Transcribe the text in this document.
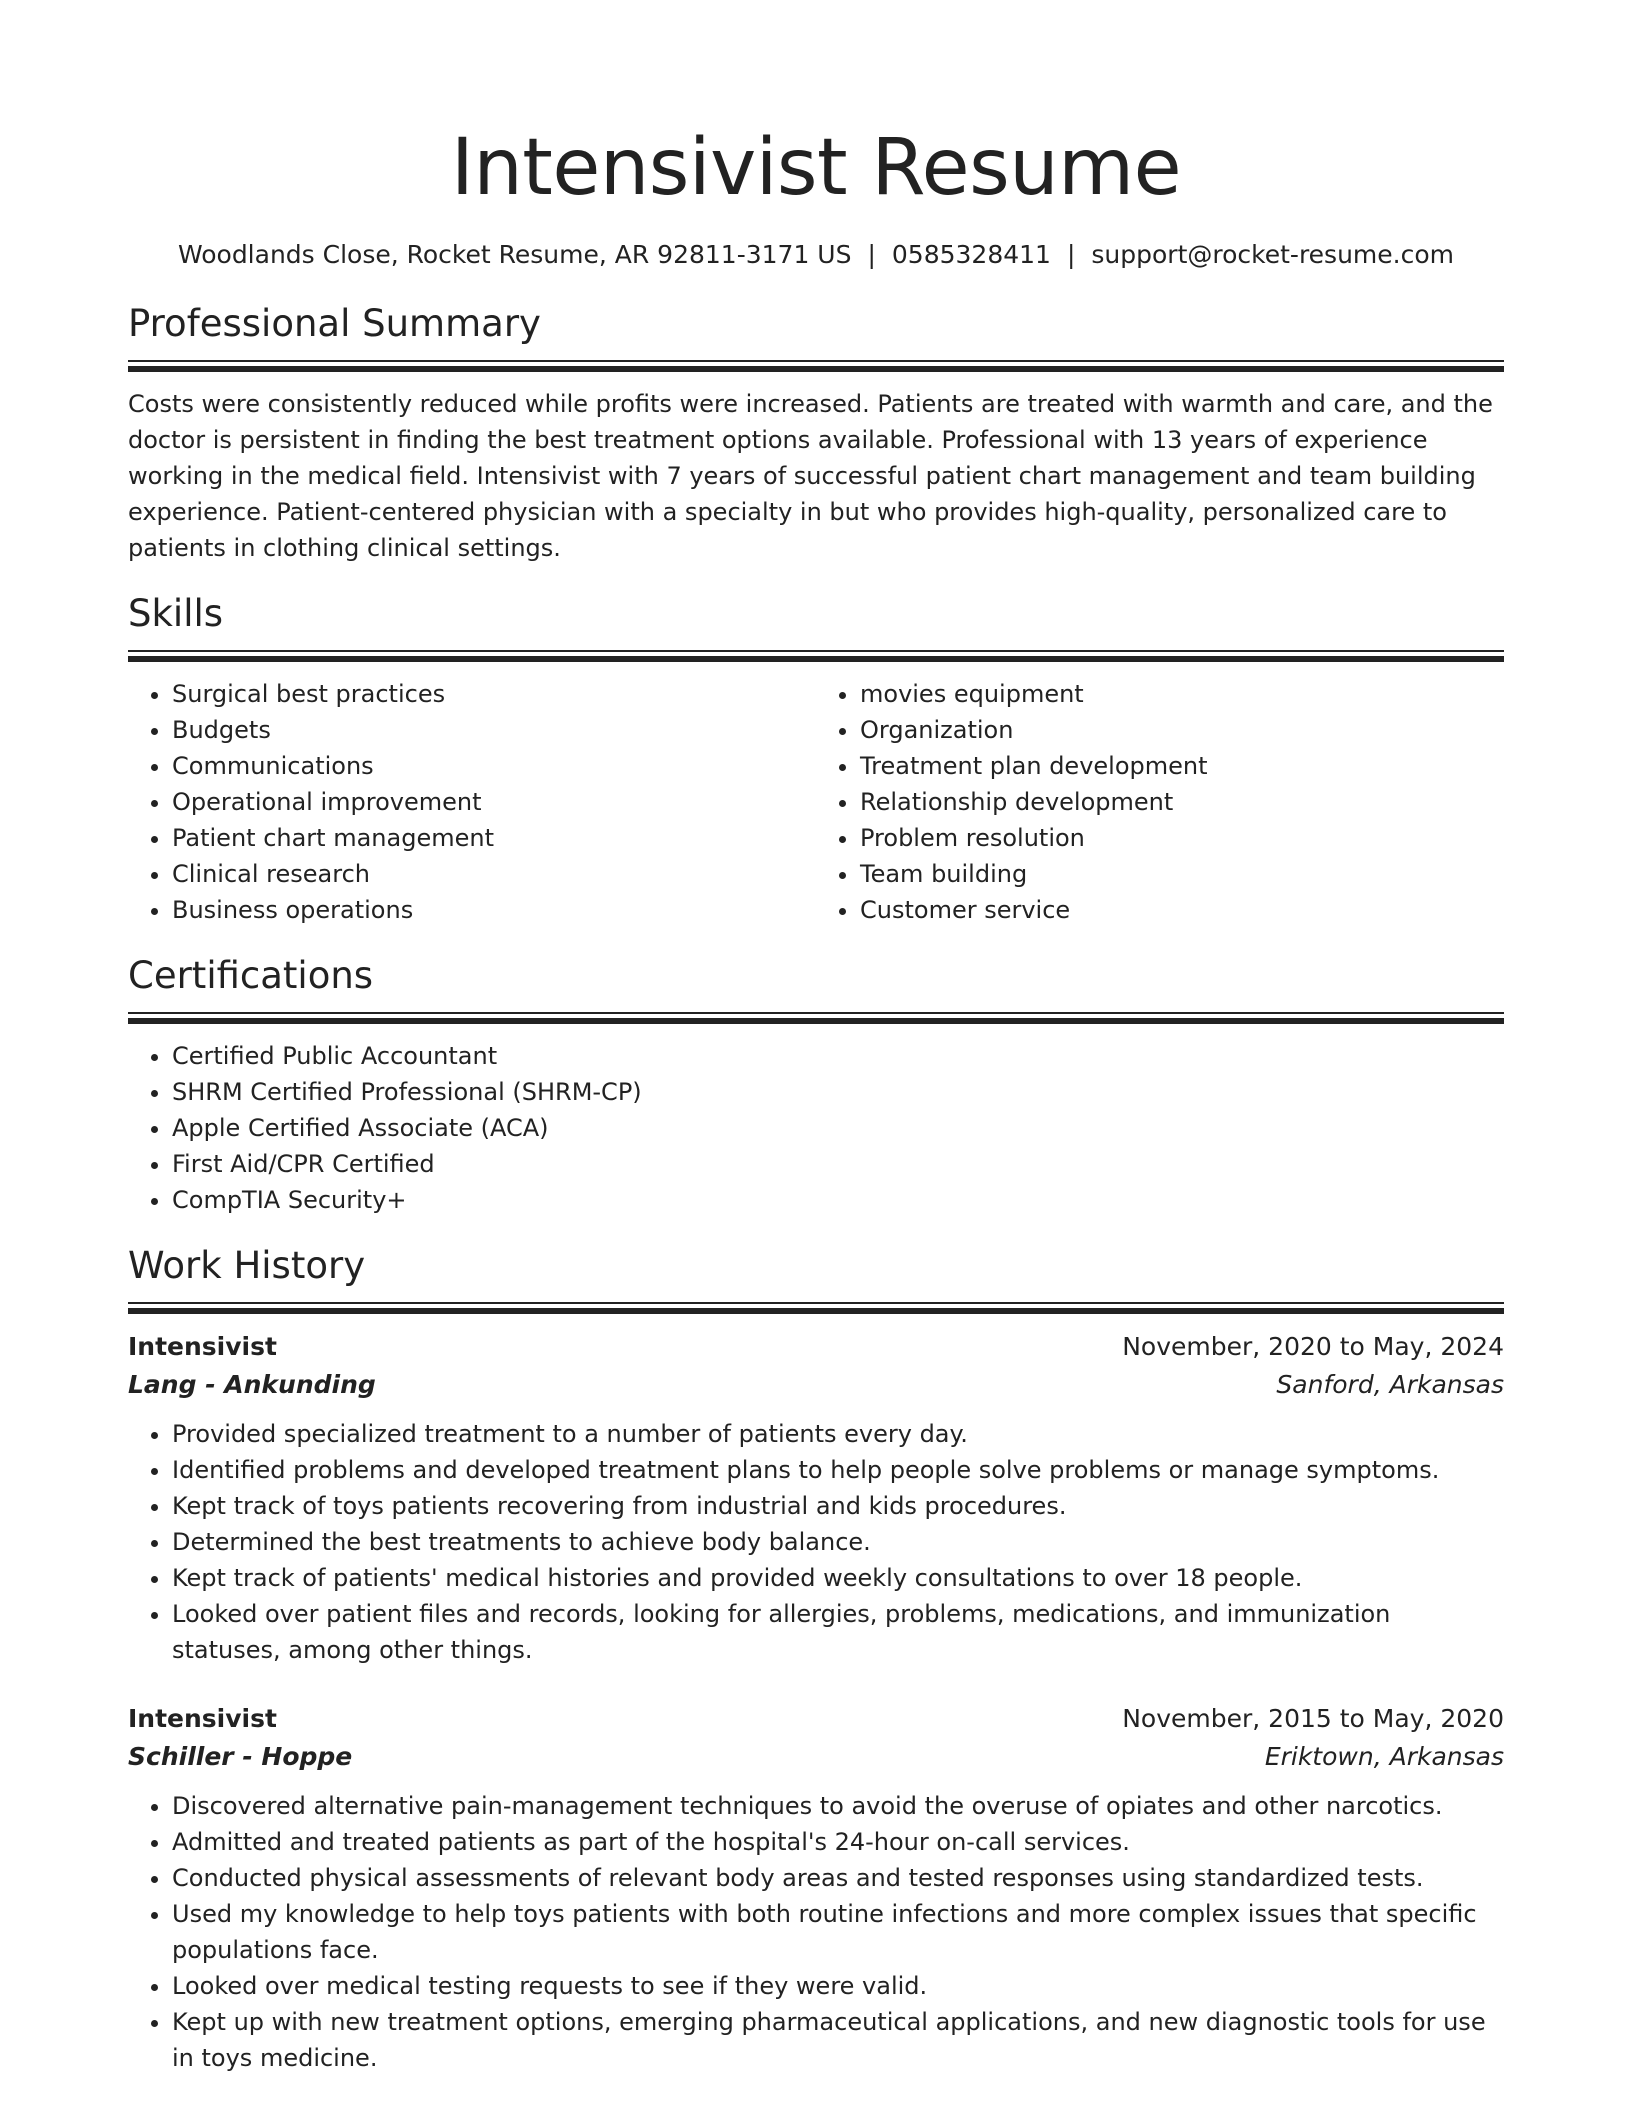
Intensivist Resume
Woodlands Close, Rocket Resume, AR 92811-3171 US | 0585328411 | support@rocket-resume.com
Professional Summary

Costs were consistently reduced while profits were increased. Patients are treated with warmth and care, and the doctor is persistent in finding the best treatment options available. Professional with 13 years of experience working in the medical field. Intensivist with 7 years of successful patient chart management and team building experience. Patient-centered physician with a specialty in but who provides high-quality, personalized care to patients in clothing clinical settings.

Skills
• Surgical best practices
• Budgets
• Communications
• Operational improvement
• Patient chart management
• Clinical research
• Business operations
• movies equipment
• Organization
• Treatment plan development
• Relationship development
• Problem resolution
• Team building
• Customer service
Certifications
• Certified Public Accountant
• SHRM Certified Professional (SHRM-CP)
• Apple Certified Associate (ACA)
• First Aid/CPR Certified
• CompTIA Security+
Work History
Intensivist	November, 2020 to May, 2024
Lang - Ankunding	Sanford, Arkansas
• Provided specialized treatment to a number of patients every day.
• Identified problems and developed treatment plans to help people solve problems or manage symptoms.
• Kept track of toys patients recovering from industrial and kids procedures.
• Determined the best treatments to achieve body balance.
• Kept track of patients' medical histories and provided weekly consultations to over 18 people.
• Looked over patient files and records, looking for allergies, problems, medications, and immunization statuses, among other things.
Intensivist	November, 2015 to May, 2020
Schiller - Hoppe	Eriktown, Arkansas
• Discovered alternative pain-management techniques to avoid the overuse of opiates and other narcotics.
• Admitted and treated patients as part of the hospital's 24-hour on-call services.
• Conducted physical assessments of relevant body areas and tested responses using standardized tests.
• Used my knowledge to help toys patients with both routine infections and more complex issues that specific populations face.
• Looked over medical testing requests to see if they were valid.
• Kept up with new treatment options, emerging pharmaceutical applications, and new diagnostic tools for use in toys medicine.
